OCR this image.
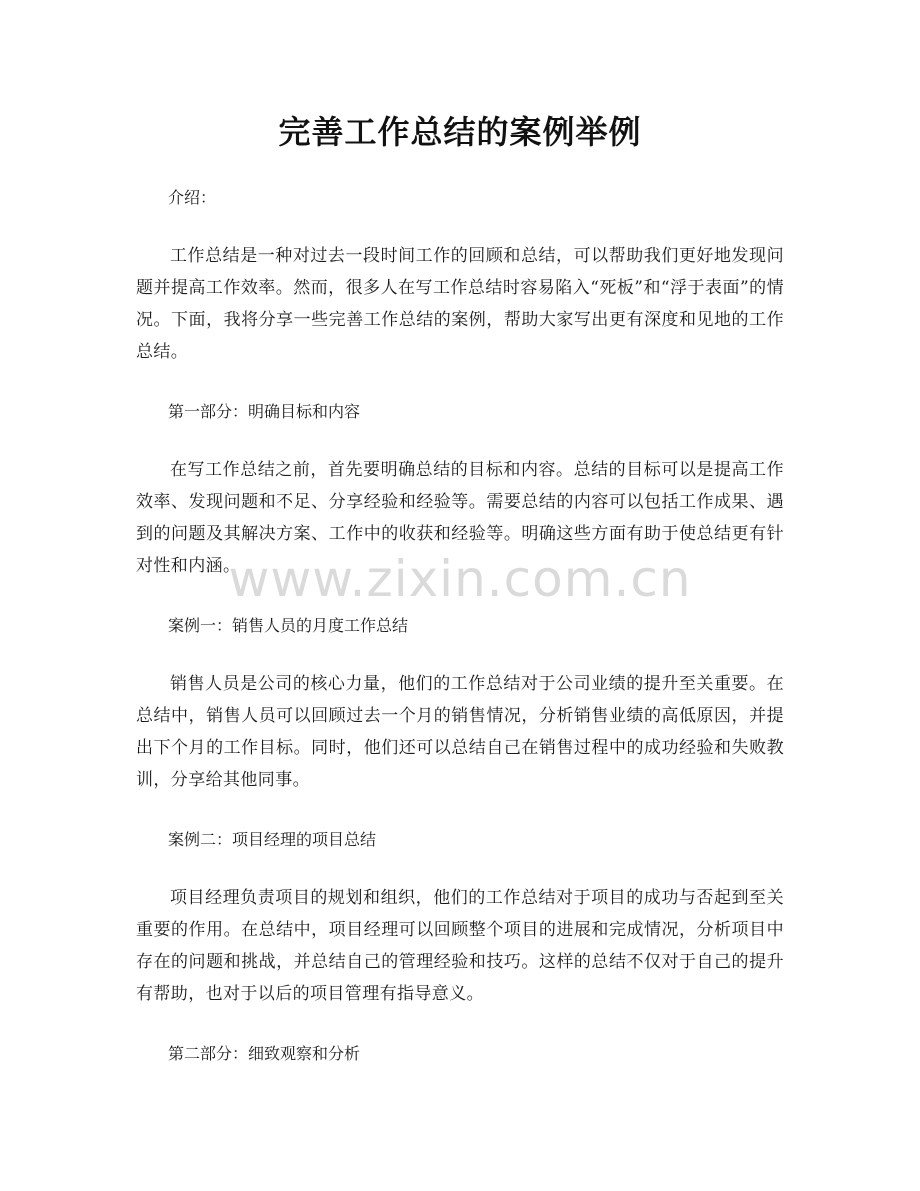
完善工作总结的案例举例
介绍：
工作总结是一种对过去一段时间工作的回顾和总结，可以帮助我们更好地发现问题并提高工作效率。然而，很多人在写工作总结时容易陷入“死板”和“浮于表面”的情况。下面，我将分享一些完善工作总结的案例，帮助大家写出更有深度和见地的工作总结。
第一部分：明确目标和内容
在写工作总结之前，首先要明确总结的目标和内容。总结的目标可以是提高工作效率、发现问题和不足、分享经验和经验等。需要总结的内容可以包括工作成果、遇到的问题及其解决方案、工作中的收获和经验等。明确这些方面有助于使总结更有针对性和内涵。
案例一：销售人员的月度工作总结
销售人员是公司的核心力量，他们的工作总结对于公司业绩的提升至关重要。在总结中，销售人员可以回顾过去一个月的销售情况，分析销售业绩的高低原因，并提出下个月的工作目标。同时，他们还可以总结自己在销售过程中的成功经验和失败教训，分享给其他同事。
案例二：项目经理的项目总结
项目经理负责项目的规划和组织，他们的工作总结对于项目的成功与否起到至关重要的作用。在总结中，项目经理可以回顾整个项目的进展和完成情况，分析项目中存在的问题和挑战，并总结自己的管理经验和技巧。这样的总结不仅对于自己的提升有帮助，也对于以后的项目管理有指导意义。
第二部分：细致观察和分析
www.zixin.com.cn
